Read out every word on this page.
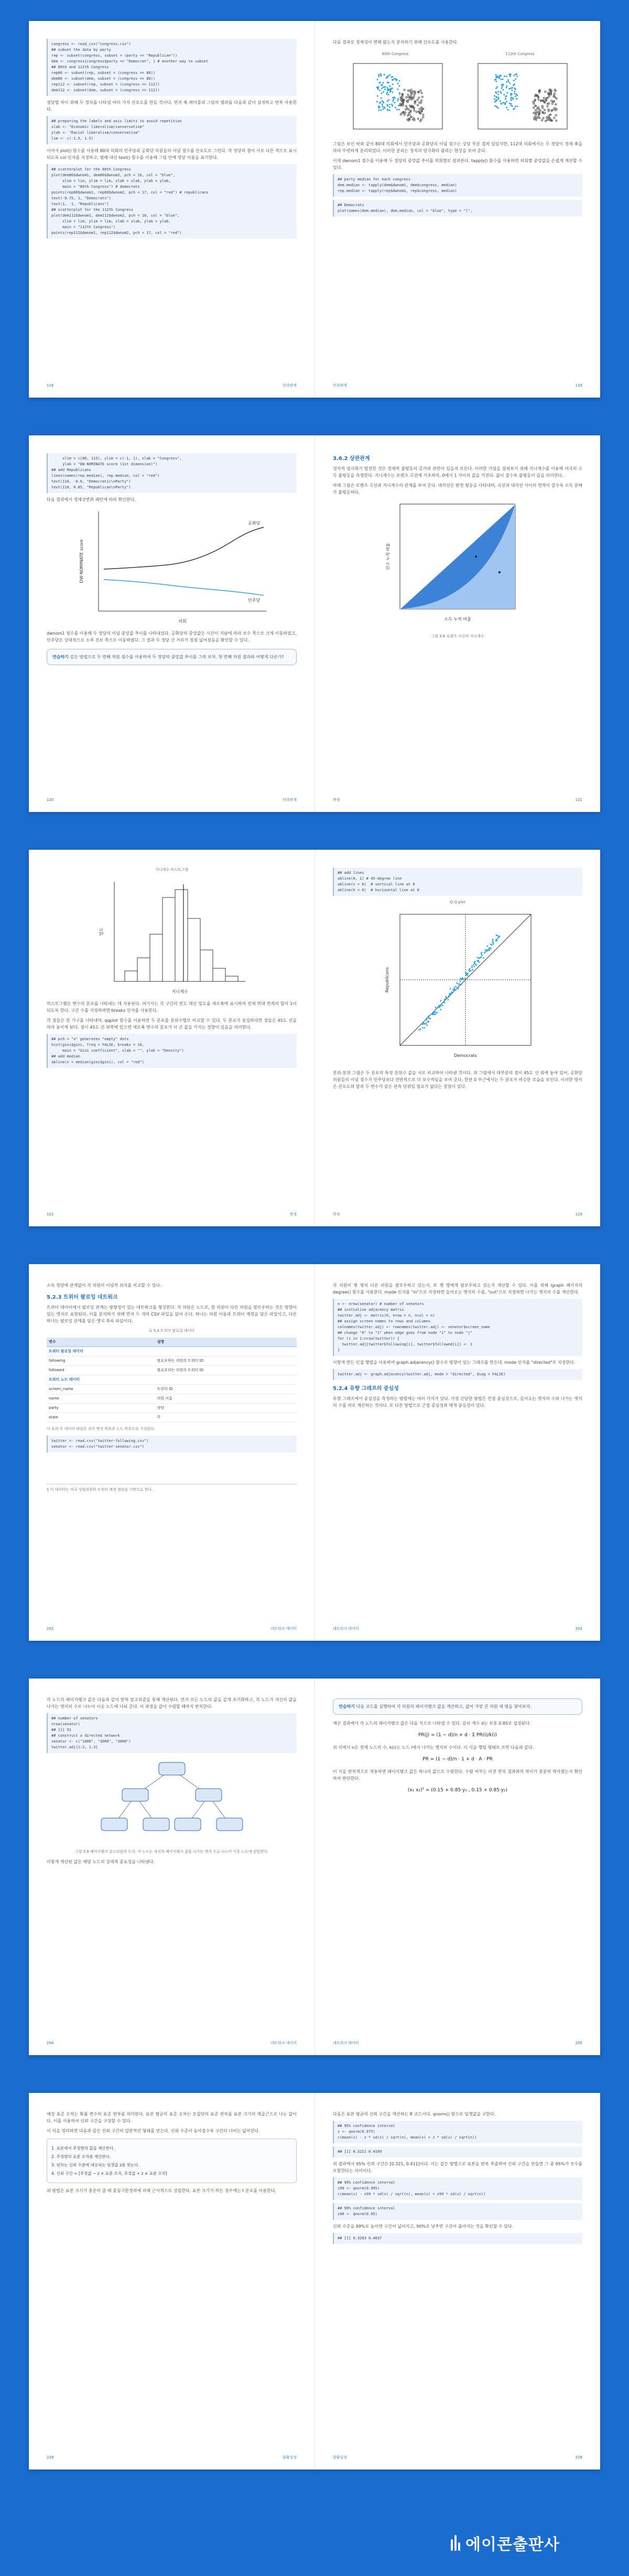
congress <- read_csv("congress.csv")
## subset the data by party
rep <- subset(congress, subset = (party == "Republican"))
dem <- congress[congress$party == "Democrat", ] # another way to subset
## 80th and 112th Congress
rep80 <- subset(rep, subset = (congress == 80))
dem80 <- subset(dem, subset = (congress == 80))
rep112 <- subset(rep, subset = (congress == 112))
dem112 <- subset(dem, subset = (congress == 112))
정당별 차이 위해 두 정치를 나타낼 여러 가지 산포도를 만들 것이다. 먼저 축 레이블과 그림의 범위를 다음과 같이 설정하고 반복 사용한다.
## preparing the labels and axis limits to avoid repetition
xlab <- "Economic liberalism/conservatism"
ylab <- "Racial liberalism/conservatism"
lim <- c(-1.5, 1.5)
이어서 plot() 함수를 사용해 80대 의회의 민주당과 공화당 의원들의 이념 점수를 산포도로 그린다. 각 정당의 점이 서로 다른 색으로 표시되도록 col 인자를 지정하고, 범례 대신 text() 함수를 이용해 그림 안에 정당 이름을 표기한다.
## scatterplot for the 80th Congress
plot(dem80$dwnom1, dem80$dwnom2, pch = 16, col = "blue",
xlim = lim, ylim = lim, xlab = xlab, ylab = ylab,
main = "80th Congress") # democrats
points(rep80$dwnom1, rep80$dwnom2, pch = 17, col = "red") # republicans
text(-0.75, 1, "Democrats")
text(1, -1, "Republicans")
## scatterplot for the 112th Congress
plot(dem112$dwnom1, dem112$dwnom2, pch = 16, col = "blue",
xlim = lim, ylim = lim, xlab = xlab, ylab = ylab,
main = "112th Congress")
points(rep112$dwnom1, rep112$dwnom2, pch = 17, col = "red")
116	인과관계
다음 결과로 정체성이 변해 왔는지 분석하기 위해 산포도를 사용한다.
80th Congress	112th Congress
그림은 보인 바와 같이 80대 의회에서 민주당과 공화당의 이념 점수는 상당 부분 겹쳐 있었지만, 112대 의회에서는 두 정당이 경제 축을 따라 뚜렷하게 분리되었다. 이러한 분리는 정치의 양극화라 불리는 현상을 보여 준다.
이제 dwnom1 점수를 이용해 두 정당의 중앙값 추이를 의회별로 살펴본다. tapply() 함수를 사용하면 의회별 중앙값을 손쉽게 계산할 수 있다.
## party median for each congress
dem.median <- tapply(dem$dwnom1, dem$congress, median)
rep.median <- tapply(rep$dwnom1, rep$congress, median)
## Democrats
plot(names(dem.median), dem.median, col = "blue", type = "l",
인과관계	119
xlim = c(80, 115), ylim = c(-1, 1), xlab = "Congress",
ylab = "DW-NOMINATE score (1st dimension)")
## add Republicans
lines(names(rep.median), rep.median, col = "red")
text(110, -0.6, "Democratic\nParty")
text(110, 0.85, "Republican\nParty")
다음 결과에서 정체성변화 패턴에 따라 확인한다.
공화당
민주당
의회
DW-NOMINATE score
dwnom1 점수를 이용해 두 정당의 이념 중앙값 추이를 나타내었다. 공화당의 중앙값은 시간이 지남에 따라 보수 쪽으로 크게 이동하였고, 민주당은 상대적으로 소폭 진보 쪽으로 이동하였다. 그 결과 두 정당 간 거리가 점점 넓어졌음을 확인할 수 있다.
연습하기 같은 방법으로 두 번째 차원 점수를 사용하여 두 정당의 중앙값 추이를 그려 보자. 첫 번째 차원 결과와 어떻게 다른가?
120	인과관계
3.6.2 상관관계
정치적 양극화가 발전한 것은 경제적 불평등의 증가와 관련이 있을지 모른다. 이러한 가설을 살펴보기 위해 지니계수를 이용해 미국의 소득 불평등을 측정한다. 지니계수는 로렌츠 곡선에 기초하며, 0에서 1 사이의 값을 가진다. 값이 클수록 불평등이 큼을 의미한다.
아래 그림은 로렌츠 곡선과 지니계수의 관계를 보여 준다. 대각선은 완전 평등을 나타내며, 곡선과 대각선 사이의 면적이 클수록 소득 분배가 불평등하다.
소득 누적 비율
인구 누적 비율
그림 3.6 로렌츠 곡선과 지니계수
측정	121
지니계수 히스토그램
지니계수
밀도
히스토그램은 변수의 분포를 나타내는 데 사용된다. 여기서는 각 구간의 빈도 대신 밀도를 세로축에 표시하여 전체 막대 면적의 합이 1이 되도록 한다. 구간 수를 지정하려면 breaks 인자를 사용한다.
각 점들은 한 가구를 나타내며, qqplot 함수를 이용하면 두 분포를 분위수별로 비교할 수 있다. 두 분포가 동일하다면 점들은 45도 선을 따라 놓이게 된다. 점이 45도 선 위쪽에 있으면 세로축 변수의 분포가 더 큰 값을 가지는 경향이 있음을 의미한다.
## pch = "o" generates "empty" dots
hist(gini$gini, freq = FALSE, breaks = 10,
main = "Gini coefficient", xlab = "", ylab = "Density")
## add median
abline(v = median(gini$gini), col = "red")
122	측정
## add lines
abline(0, 1) # 45-degree line
abline(v = 0)  # vertical line at 0
abline(h = 0)  # horizontal line at 0
Q-Q plot
Democrats
Republicans
분위-분위 그림은 두 분포의 특정 분위수 값을 서로 비교하여 나타낸 것이다. 위 그림에서 대부분의 점이 45도 선 위에 놓여 있어, 공화당 의원들의 이념 점수가 민주당보다 전반적으로 더 보수적임을 보여 준다. 한편 0 부근에서는 두 분포가 비슷한 모습을 보인다. 이러한 방식은 산포도와 달리 두 변수가 같은 관측 단위일 필요가 없다는 장점이 있다.
측정	123
소속 정당에 관계없이 각 의원의 이념적 위치를 비교할 수 있다.
5.2.3 트위터 팔로잉 네트워크
트위터 데이터에서 팔로잉 관계는 방향성이 있는 네트워크를 형성한다. 각 의원은 노드로, 한 의원이 다른 의원을 팔로우하는 것은 방향이 있는 엣지로 표현된다. 이를 분석하기 위해 먼저 두 개의 CSV 파일을 읽어 온다. 하나는 의원 이름과 트위터 계정을 담은 파일이고, 다른 하나는 팔로잉 관계를 담은 엣지 목록 파일이다.
표 5.4 트위터 팔로잉 데이터
변수	설명
트위터 팔로잉 데이터	
following	팔로우하는 의원의 트위터 ID
followed	팔로우되는 의원의 트위터 ID
트위터 노드 데이터	
screen_name	트위터 ID
name	의원 이름
party	정당
state	주
이 표의 두 데이터 파일은 각각 엣지 목록과 노드 목록으로 구성된다.
twitter <- read.csv("twitter-following.csv")
senator <- read.csv("twitter-senator.csv")
1 이 데이터는 미국 상원의원의 트위터 계정 정보를 기반으로 한다.
202	네트워크 데이터
각 의원이 몇 명의 다른 의원을 팔로우하고 있는지, 또 몇 명에게 팔로우되고 있는지 계산할 수 있다. 이를 위해 igraph 패키지의 degree() 함수를 사용한다. mode 인자를 "in"으로 지정하면 들어오는 엣지의 수를, "out"으로 지정하면 나가는 엣지의 수를 계산한다.
n <- nrow(senator) # number of senators
## initialize adjacency matrix
twitter.adj <- matrix(0, nrow = n, ncol = n)
## assign screen names to rows and columns
colnames(twitter.adj) <- rownames(twitter.adj) <- senator$screen_name
## change "0" to "1" when edge goes from node "i" to node "j"
for (i in 1:nrow(twitter)) {
twitter.adj[twitter$following[i], twitter$followed[i]] <- 1
}
이렇게 만든 인접 행렬을 이용하여 graph.adjacency() 함수로 방향이 있는 그래프를 만든다. mode 인자를 "directed"로 지정한다.
twitter.adj <- graph.adjacency(twitter.adj, mode = "directed", diag = FALSE)
5.2.4 유향 그래프의 중심성
유향 그래프에서 중심성을 측정하는 방법에는 여러 가지가 있다. 가장 간단한 방법은 연결 중심성으로, 들어오는 엣지의 수와 나가는 엣지의 수를 따로 계산하는 것이다. 또 다른 방법으로 근접 중심성과 매개 중심성이 있다.
네트워크 데이터	203
각 노드의 페이지랭크 값은 다음과 같이 반복 알고리즘을 통해 계산된다. 먼저 모든 노드의 값을 같게 초기화하고, 각 노드가 자신의 값을 나가는 엣지의 수로 나누어 이웃 노드에 나눠 준다. 이 과정을 값이 수렴할 때까지 반복한다.
## number of senators
nrow(senator)
## [1] 91
## construct a directed network
senator <- c("1000", "2000", "3000")
twitter.adj[1:3, 1:3]
그림 5.8 페이지랭크 알고리즘의 도식. 각 노드는 자신의 페이지랭크 값을 나가는 엣지 수로 나누어 이웃 노드에 전달한다.
이렇게 계산된 값은 해당 노드의 상대적 중요성을 나타낸다.
204	네트워크 데이터
연습하기 다음 코드를 실행하여 각 의원의 페이지랭크 값을 계산하고, 값이 가장 큰 의원 세 명을 찾아보자.
계산 결과에서 각 노드의 페이지랭크 값은 다음 식으로 나타낼 수 있다. 감쇠 계수 d는 보통 0.85로 설정된다.
PR(j) = (1 − d)/n + d · Σ PR(i)/k(i)
위 식에서 n은 전체 노드의 수, k(i)는 노드 i에서 나가는 엣지의 수이다. 이 식을 행렬 형태로 쓰면 다음과 같다.
PR = (1 − d)/n · 1 + d · A · PR
이 식을 반복적으로 적용하면 페이지랭크 값은 하나의 값으로 수렴한다. 수렴 여부는 이전 반복 결과와의 차이가 충분히 작아졌는지 확인하여 판단한다.
(x₁ x₂)ᵀ = (0.15 + 0.85·y₁ , 0.15 + 0.85·y₂)
네트워크 데이터	205
예상 표준 오차는 확률 변수의 표준 편차를 의미한다. 표본 평균의 표준 오차는 모집단의 표준 편차를 표본 크기의 제곱근으로 나눈 값이다. 이를 이용하여 신뢰 구간을 구성할 수 있다.
이 식을 정리하면 다음과 같은 신뢰 구간의 일반적인 형태를 얻는다. 신뢰 수준이 높아질수록 구간의 너비는 넓어진다.
1. 표본에서 추정량의 값을 계산한다.
2. 추정량의 표준 오차를 계산한다.
3. 원하는 신뢰 수준에 대응하는 임곗값 z를 찾는다.
4. 신뢰 구간 = [추정값 − z × 표준 오차, 추정값 + z × 표준 오차]
위 방법은 표본 크기가 충분히 클 때 중심극한정리에 의해 근사적으로 성립한다. 표본 크기가 작은 경우에는 t 분포를 이용한다.
228	불확실성
다음은 표본 평균의 신뢰 구간을 계산하는 R 코드이다. qnorm() 함수로 임곗값을 구한다.
## 95% confidence interval
z <- qnorm(0.975)
c(mean(x) - z * sd(x) / sqrt(n), mean(x) + z * sd(x) / sqrt(n))
## [1] 0.3211 0.4109
위 결과에서 95% 신뢰 구간은 [0.321, 0.411]이다. 이는 같은 방법으로 표본을 반복 추출하여 신뢰 구간을 만들면 그 중 95%가 모수를 포함한다는 의미이다.
## 99% confidence interval
z99 <- qnorm(0.995)
c(mean(x) - z99 * sd(x) / sqrt(n), mean(x) + z99 * sd(x) / sqrt(n))
## 90% confidence interval
z90 <- qnorm(0.95)
신뢰 수준을 99%로 높이면 구간이 넓어지고, 90%로 낮추면 구간이 좁아지는 것을 확인할 수 있다.
## [1] 0.3283 0.4037
불확실성	229
에이콘출판사
